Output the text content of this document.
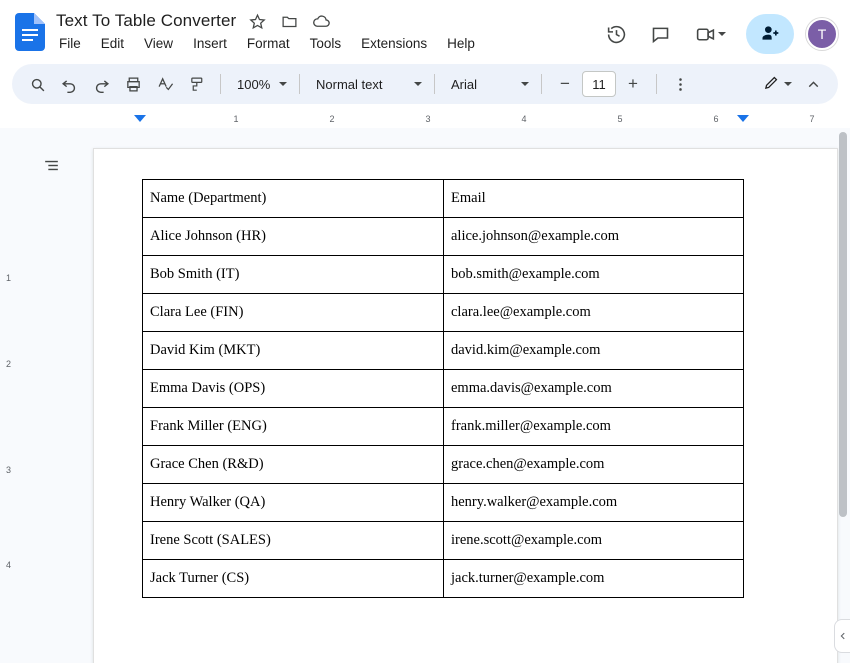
Text To Table Converter
File Edit View Insert Format Tools Extensions Help
T
100%	Normal text	Arial	−	11	+
1	2	3	4	5	6	7
1
2
3
4
Name (Department)	Email
Alice Johnson (HR)	alice.johnson@example.com
Bob Smith (IT)	bob.smith@example.com
Clara Lee (FIN)	clara.lee@example.com
David Kim (MKT)	david.kim@example.com
Emma Davis (OPS)	emma.davis@example.com
Frank Miller (ENG)	frank.miller@example.com
Grace Chen (R&D)	grace.chen@example.com
Henry Walker (QA)	henry.walker@example.com
Irene Scott (SALES)	irene.scott@example.com
Jack Turner (CS)	jack.turner@example.com
